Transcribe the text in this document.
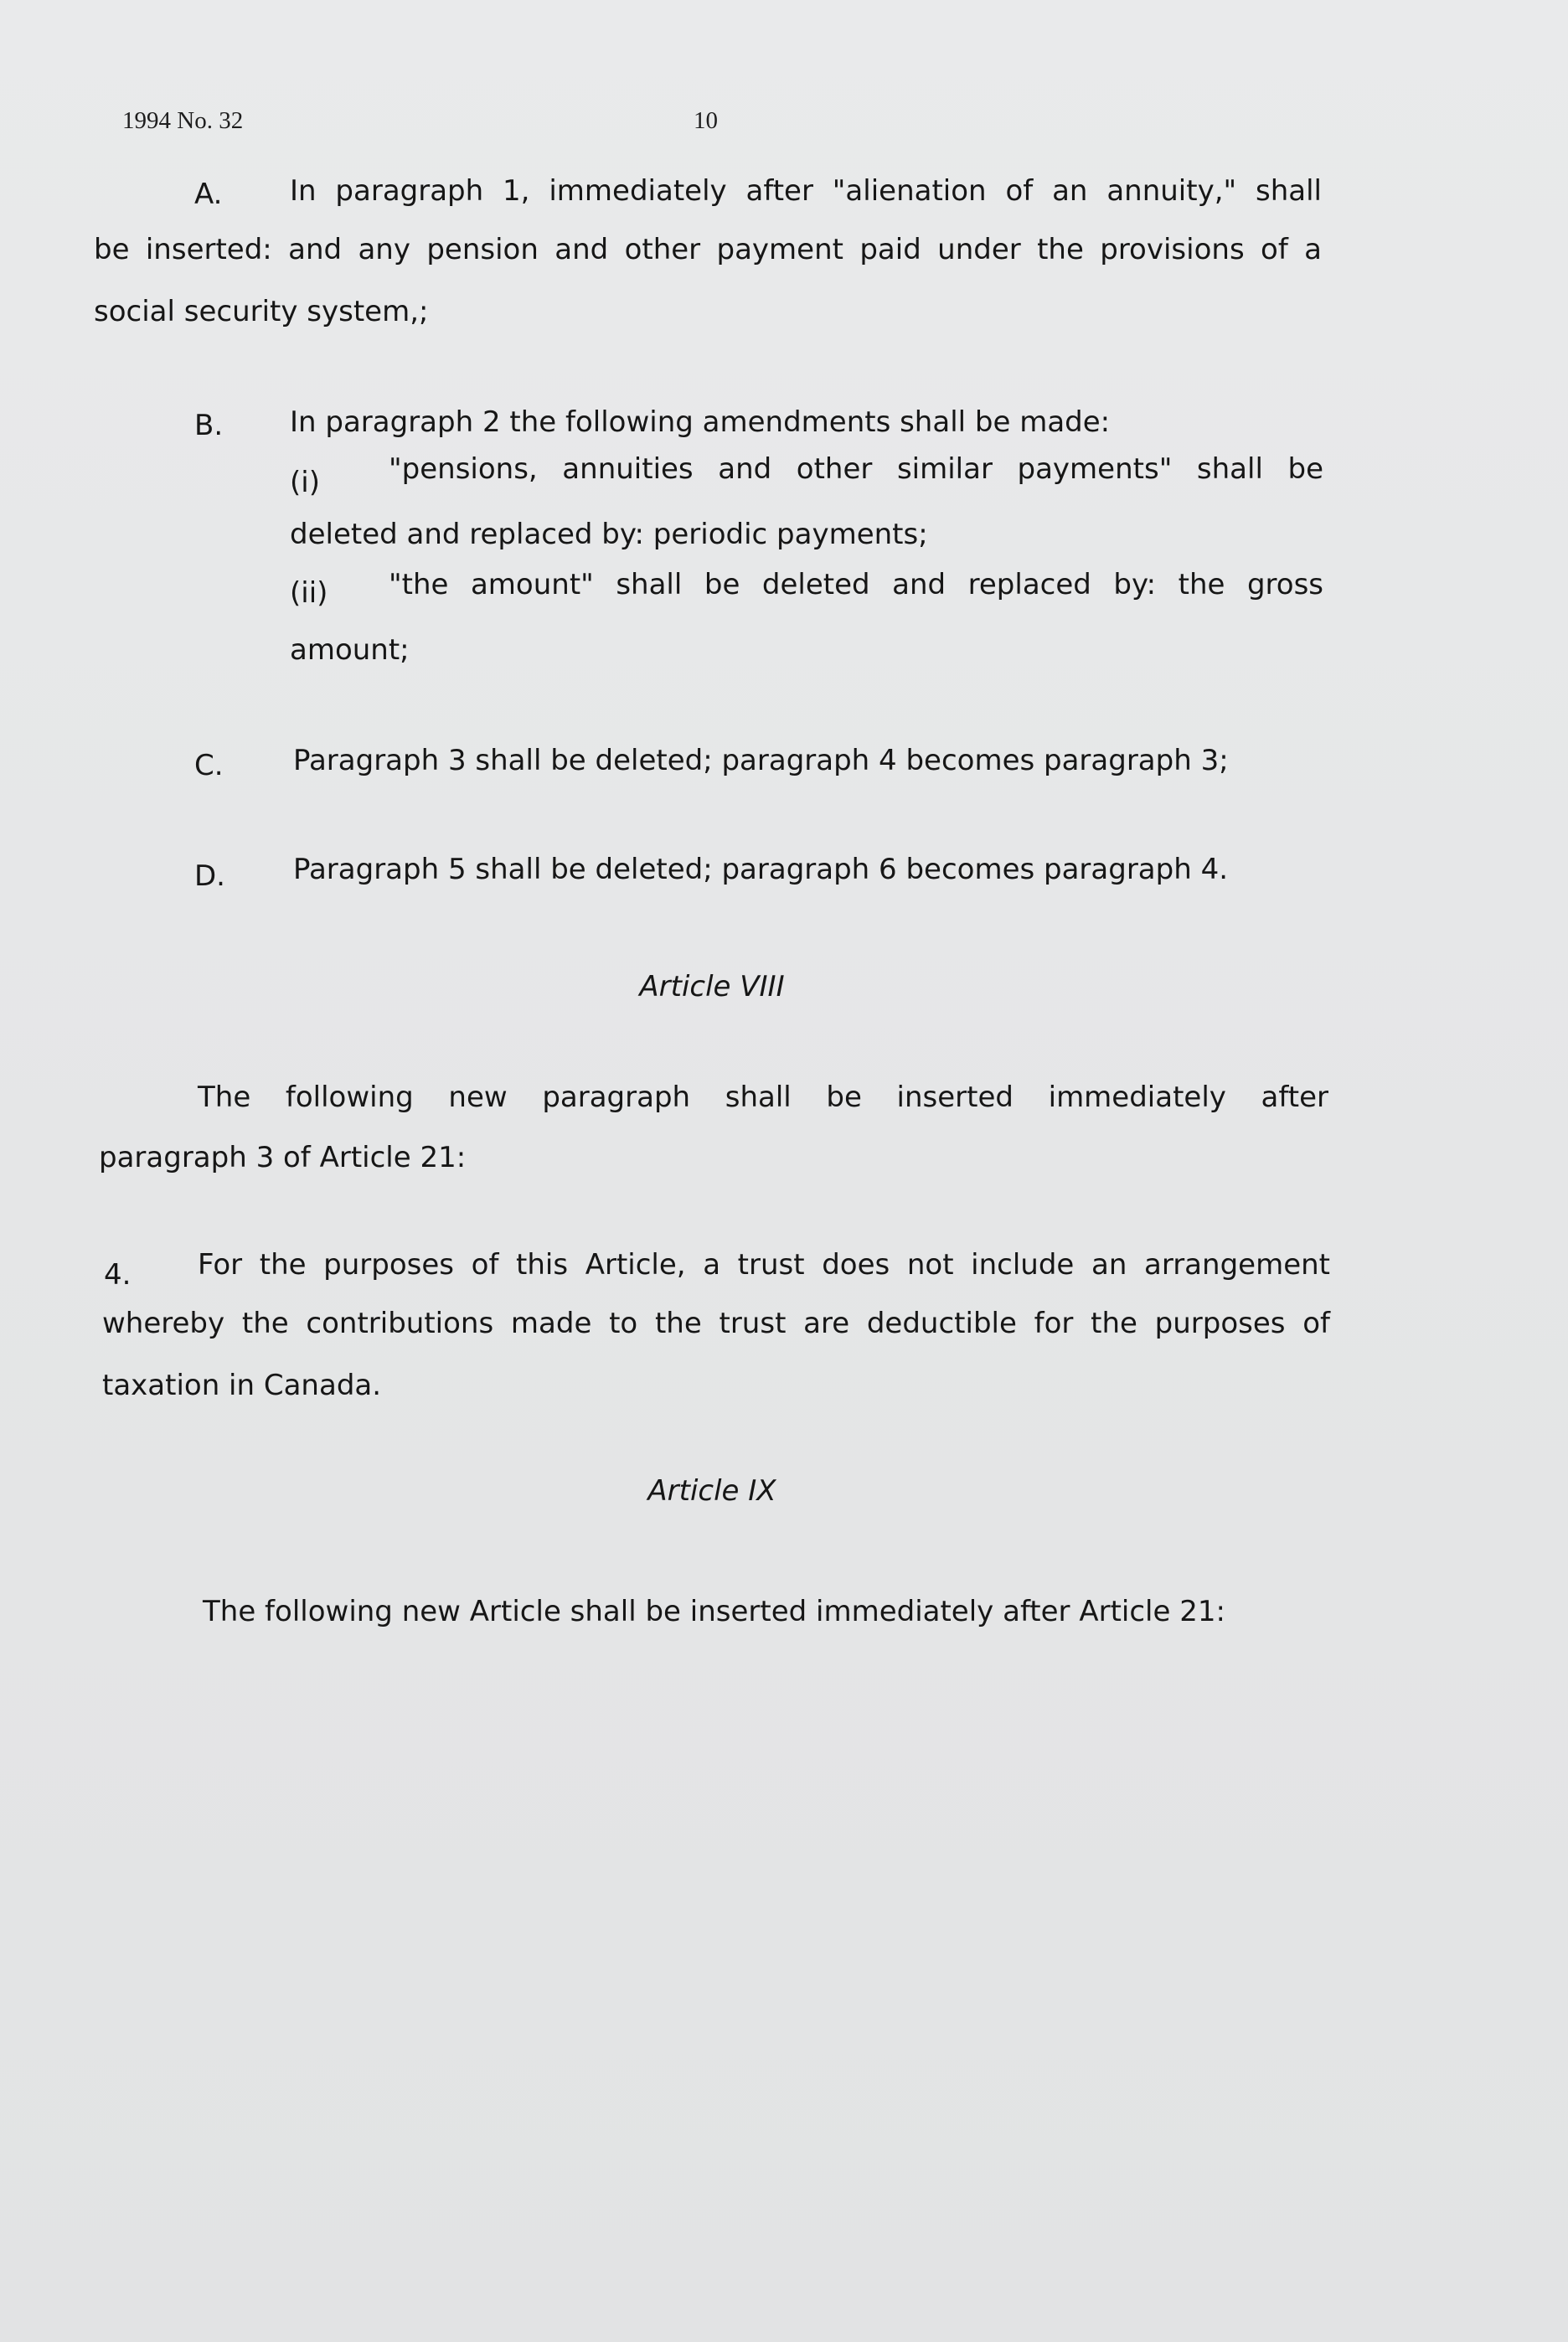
1994 No. 32	10
A. In paragraph 1, immediately after "alienation of an annuity," shall
be inserted: and any pension and other payment paid under the provisions of a
social security system,;
B. In paragraph 2 the following amendments shall be made:
(i) "pensions, annuities and other similar payments" shall be
deleted and replaced by: periodic payments;
(ii) "the amount" shall be deleted and replaced by: the gross
amount;
C. Paragraph 3 shall be deleted; paragraph 4 becomes paragraph 3;
D. Paragraph 5 shall be deleted; paragraph 6 becomes paragraph 4.
Article VIII
The following new paragraph shall be inserted immediately after
paragraph 3 of Article 21:
4. For the purposes of this Article, a trust does not include an arrangement
whereby the contributions made to the trust are deductible for the purposes of
taxation in Canada.
Article IX
The following new Article shall be inserted immediately after Article 21:
